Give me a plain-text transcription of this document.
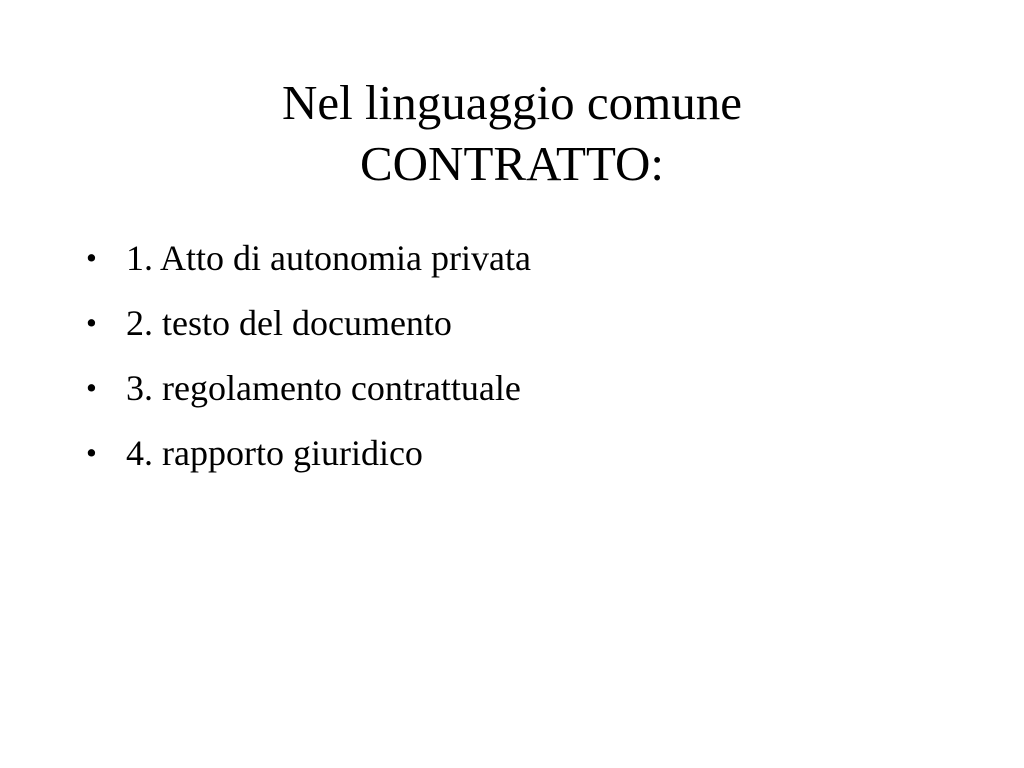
Nel linguaggio comune
CONTRATTO:
• 1. Atto di autonomia privata
• 2. testo del documento
• 3. regolamento contrattuale
• 4. rapporto giuridico
